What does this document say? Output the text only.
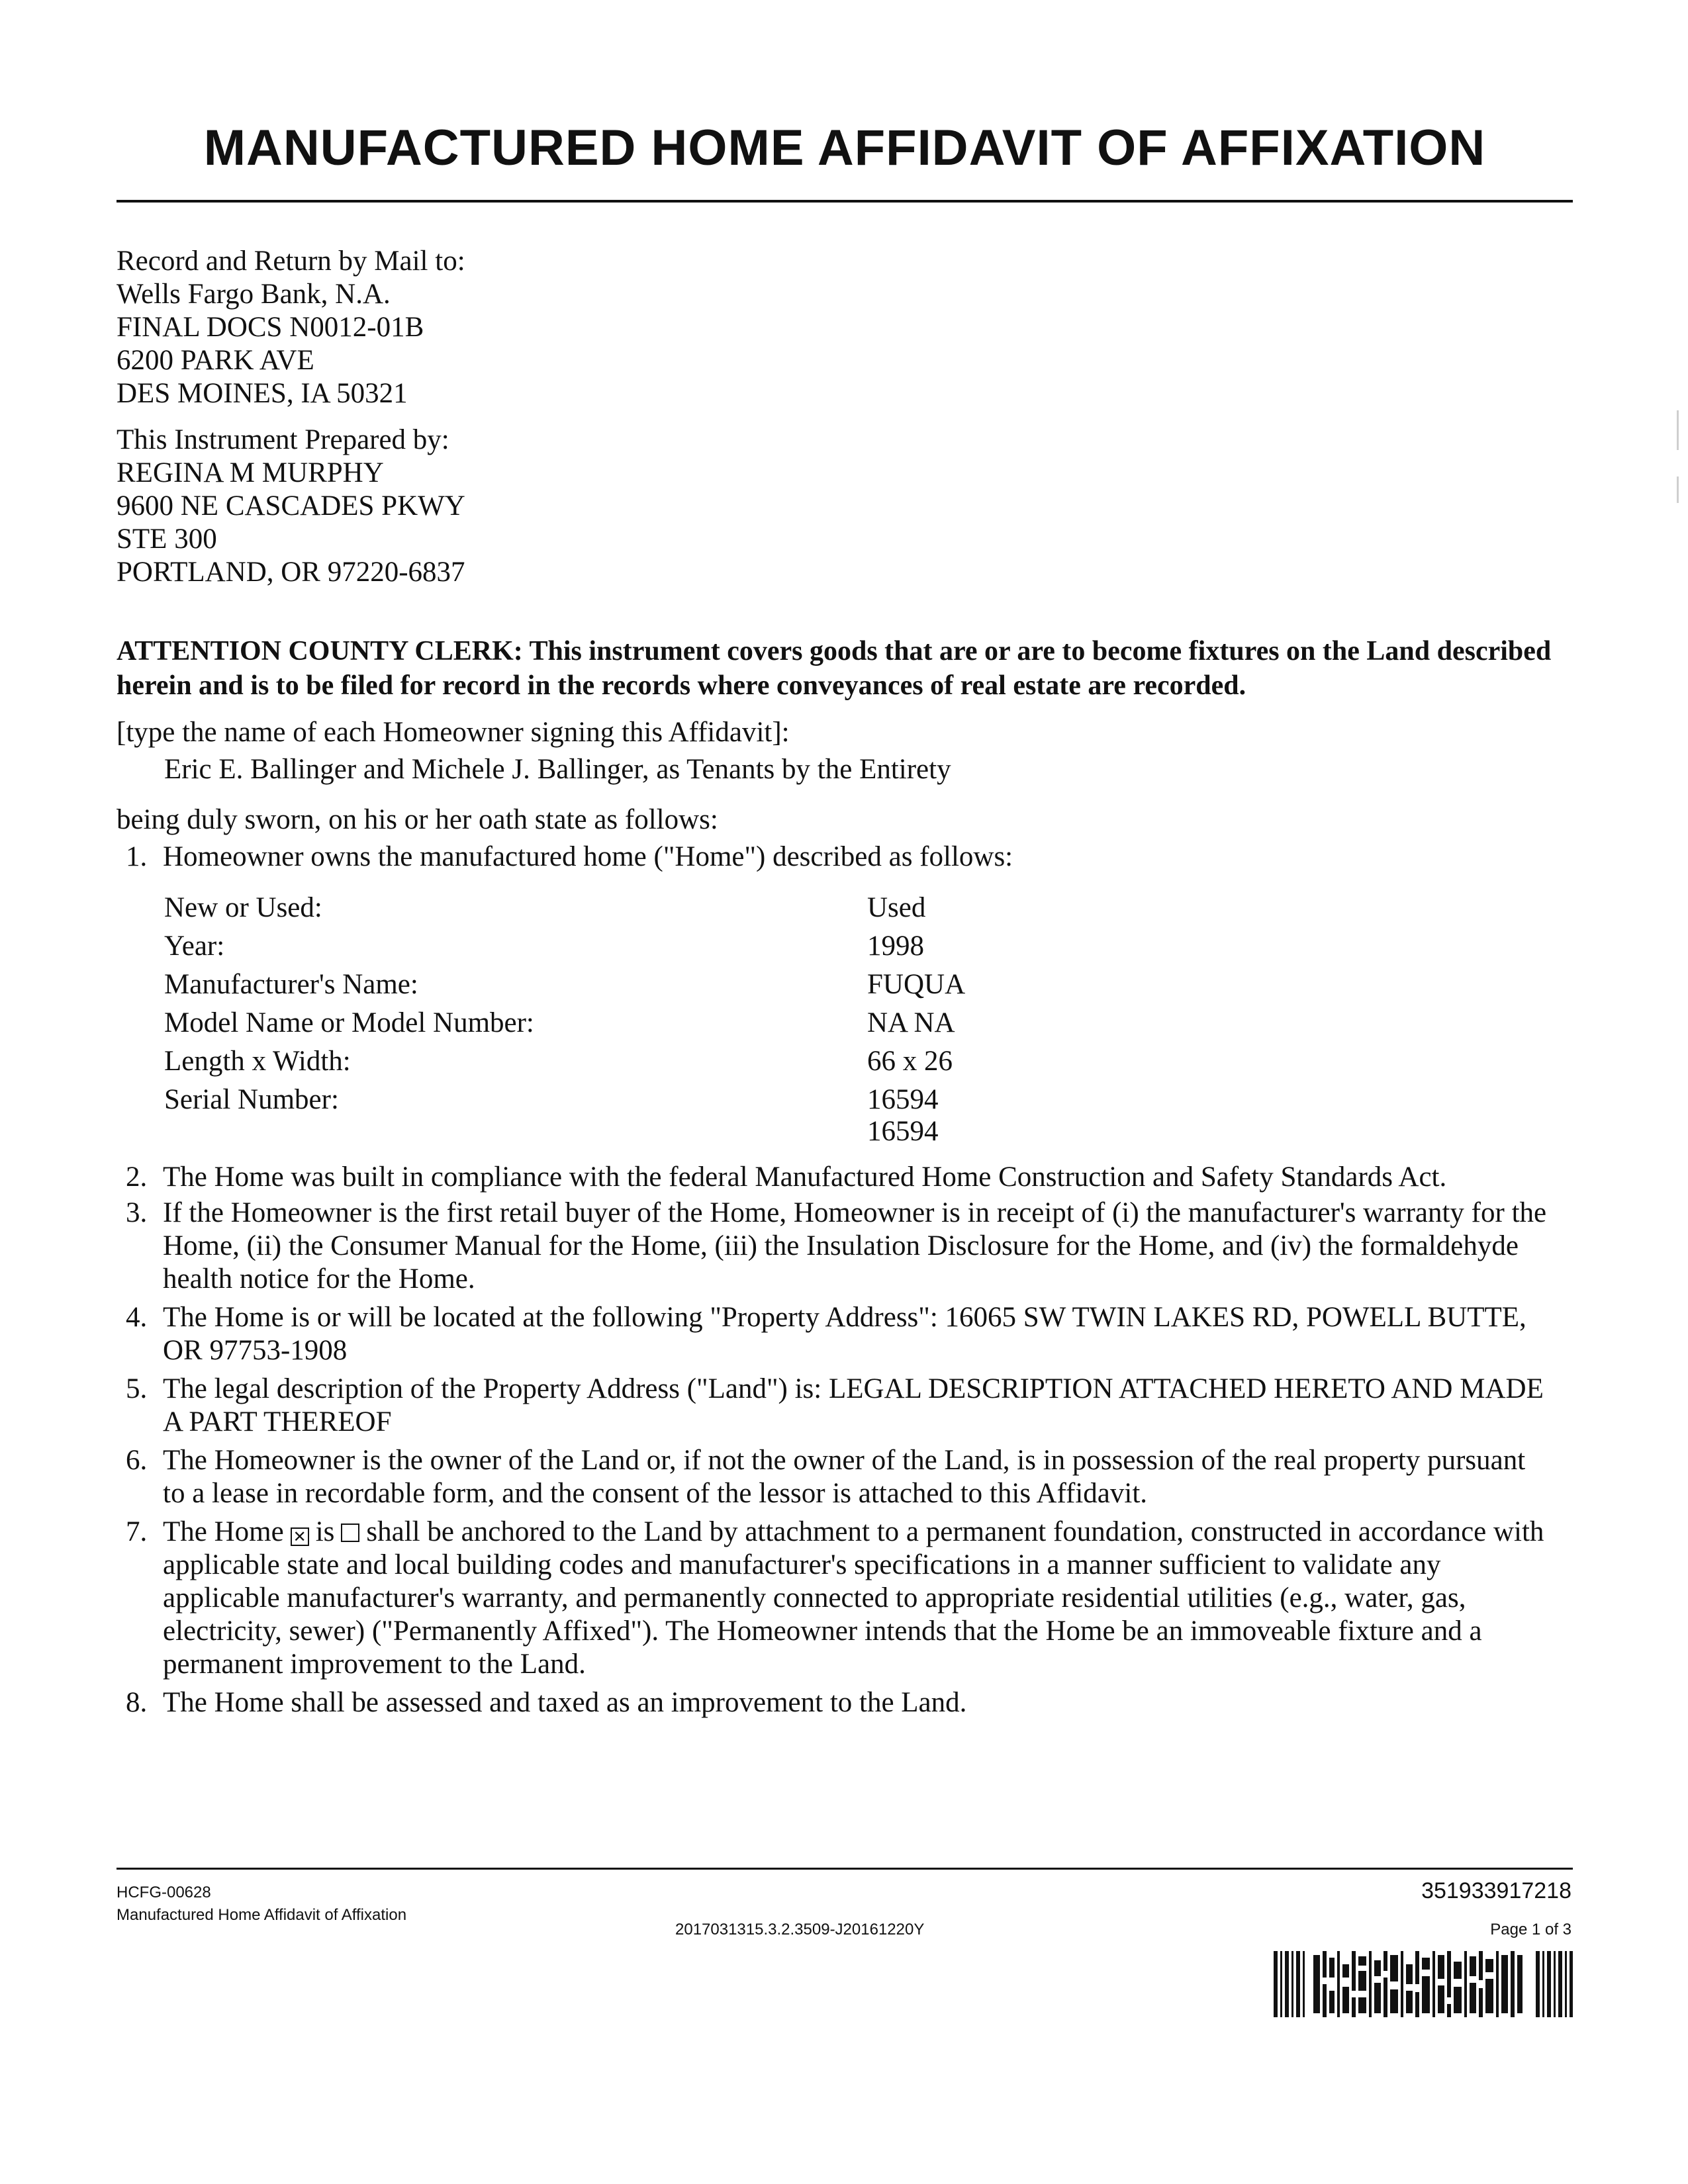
MANUFACTURED HOME AFFIDAVIT OF AFFIXATION
Record and Return by Mail to:
Wells Fargo Bank, N.A.
FINAL DOCS N0012-01B
6200 PARK AVE
DES MOINES, IA 50321
This Instrument Prepared by:
REGINA M MURPHY
9600 NE CASCADES PKWY
STE 300
PORTLAND, OR 97220-6837
ATTENTION COUNTY CLERK: This instrument covers goods that are or are to become fixtures on the Land described herein and is to be filed for record in the records where conveyances of real estate are recorded.
[type the name of each Homeowner signing this Affidavit]:
Eric E. Ballinger and Michele J. Ballinger, as Tenants by the Entirety
being duly sworn, on his or her oath state as follows:
1. Homeowner owns the manufactured home ("Home") described as follows:
New or Used:	Used
Year:	1998
Manufacturer's Name:	FUQUA
Model Name or Model Number:	NA NA
Length x Width:	66 x 26
Serial Number:	16594
16594
2. The Home was built in compliance with the federal Manufactured Home Construction and Safety Standards Act.
3. If the Homeowner is the first retail buyer of the Home, Homeowner is in receipt of (i) the manufacturer's warranty for the Home, (ii) the Consumer Manual for the Home, (iii) the Insulation Disclosure for the Home, and (iv) the formaldehyde health notice for the Home.
4. The Home is or will be located at the following "Property Address": 16065 SW TWIN LAKES RD, POWELL BUTTE, OR 97753-1908
5. The legal description of the Property Address ("Land") is: LEGAL DESCRIPTION ATTACHED HERETO AND MADE A PART THEREOF
6. The Homeowner is the owner of the Land or, if not the owner of the Land, is in possession of the real property pursuant to a lease in recordable form, and the consent of the lessor is attached to this Affidavit.
7. The Home ✕ is shall be anchored to the Land by attachment to a permanent foundation, constructed in accordance with applicable state and local building codes and manufacturer's specifications in a manner sufficient to validate any applicable manufacturer's warranty, and permanently connected to appropriate residential utilities (e.g., water, gas, electricity, sewer) ("Permanently Affixed"). The Homeowner intends that the Home be an immoveable fixture and a permanent improvement to the Land.
8. The Home shall be assessed and taxed as an improvement to the Land.
HCFG-00628
Manufactured Home Affidavit of Affixation
2017031315.3.2.3509-J20161220Y
351933917218
Page 1 of 3
